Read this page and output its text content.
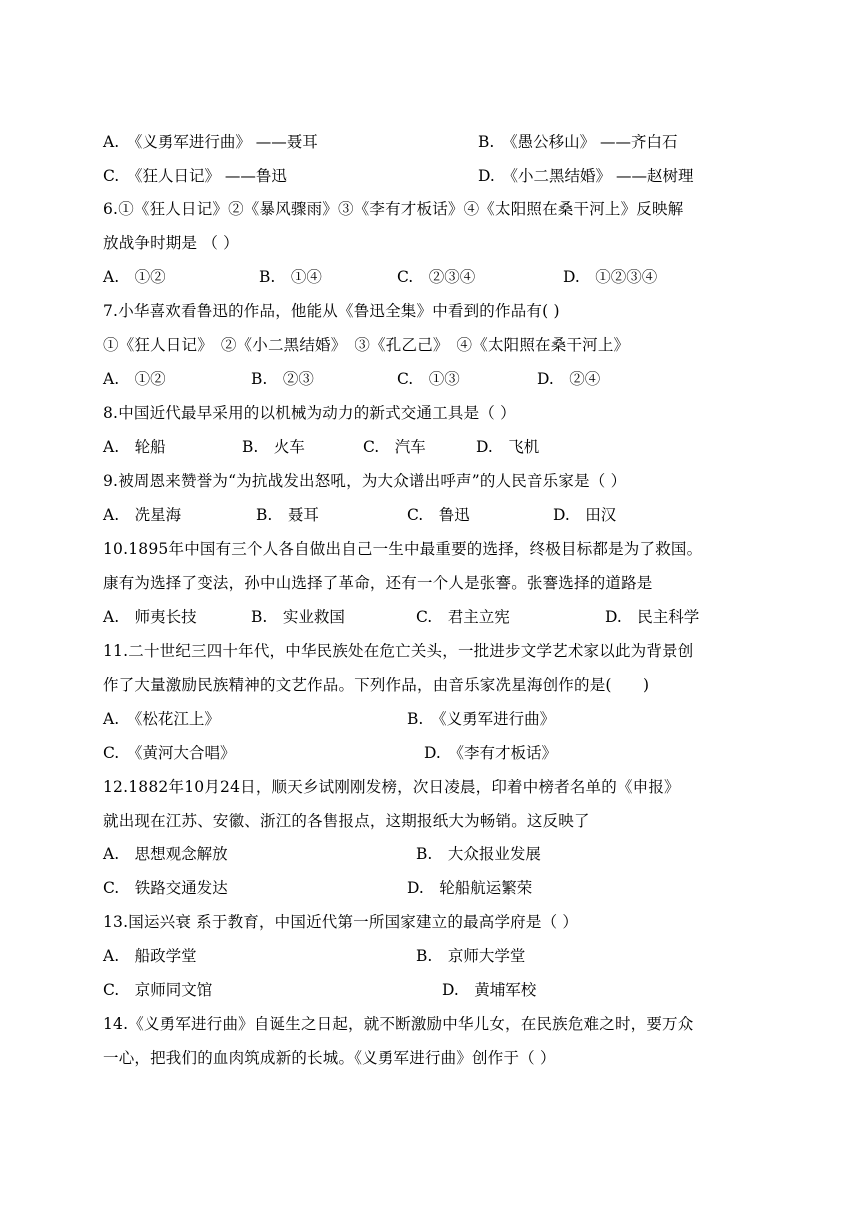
A.　《义勇军进行曲》 ——聂耳	B.　《愚公移山》 ——齐白石
C.　《狂人日记》 ——鲁迅	D.　《小二黑结婚》 ——赵树理
6.①《狂人日记》②《暴风骤雨》③《李有才板话》④《太阳照在桑干河上》反映解
放战争时期是 （ ）
A.　①②	B.　①④	C.　②③④	D.　①②③④
7.小华喜欢看鲁迅的作品，他能从《鲁迅全集》中看到的作品有( )
①《狂人日记》　②《小二黑结婚》　③《孔乙己》　④《太阳照在桑干河上》
A.　①②	B.　②③	C.　①③	D.　②④
8.中国近代最早采用的以机械为动力的新式交通工具是（ ）
A.　轮船	B.　火车	C.　汽车	D.　飞机
9.被周恩来赞誉为“为抗战发出怒吼，为大众谱出呼声”的人民音乐家是（ ）
A.　冼星海	B.　聂耳	C.　鲁迅	D.　田汉
10.1895年中国有三个人各自做出自己一生中最重要的选择，终极目标都是为了救国。
康有为选择了变法，孙中山选择了革命，还有一个人是张謇。张謇选择的道路是
A.　师夷长技	B.　实业救国	C.　君主立宪	D.　民主科学
11.二十世纪三四十年代，中华民族处在危亡关头，一批进步文学艺术家以此为背景创
作了大量激励民族精神的文艺作品。下列作品，由音乐家冼星海创作的是(　　)
A.　《松花江上》	B.　《义勇军进行曲》
C.　《黄河大合唱》	D.　《李有才板话》
12.1882年10月24日，顺天乡试刚刚发榜，次日凌晨，印着中榜者名单的《申报》
就出现在江苏、安徽、浙江的各售报点，这期报纸大为畅销。这反映了
A.　思想观念解放	B.　大众报业发展
C.　铁路交通发达	D.　轮船航运繁荣
13.国运兴衰 系于教育，中国近代第一所国家建立的最高学府是（ ）
A.　船政学堂	B.　京师大学堂
C.　京师同文馆	D.　黄埔军校
14.《义勇军进行曲》自诞生之日起，就不断激励中华儿女，在民族危难之时，要万众
一心，把我们的血肉筑成新的长城。《义勇军进行曲》创作于（ ）
